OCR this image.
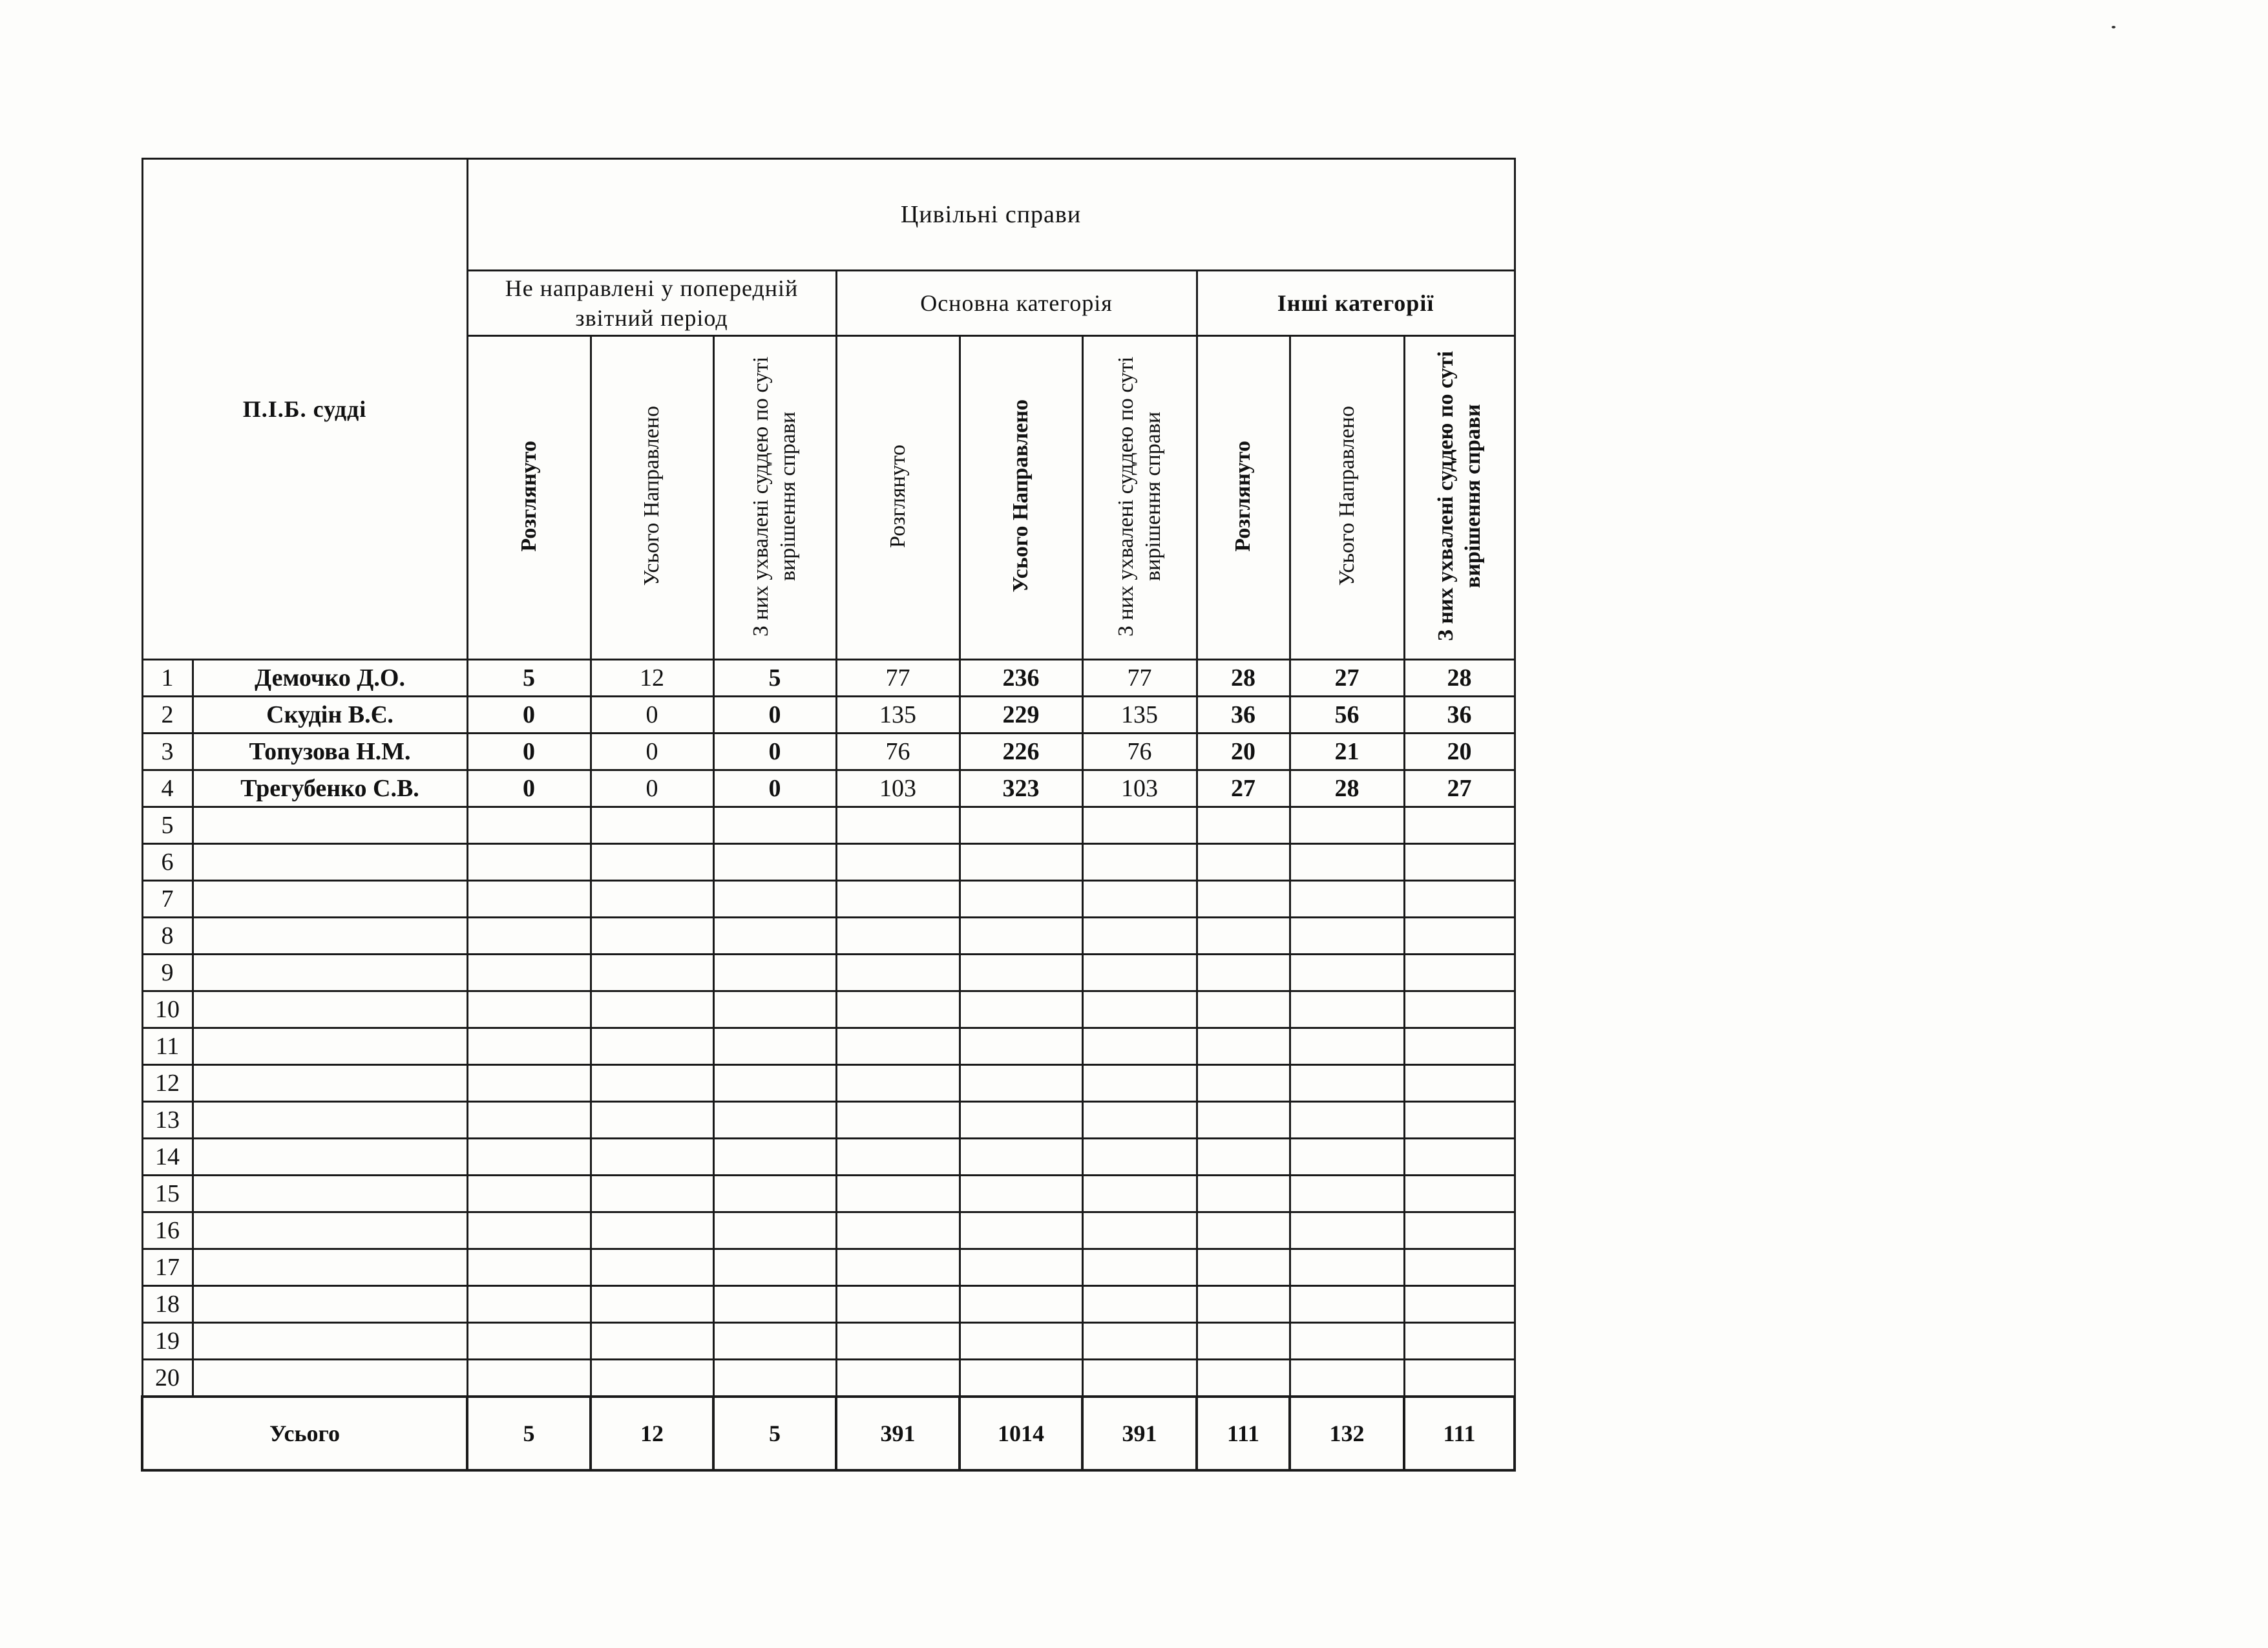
П.І.Б. судді		Цивільні справи								
		Не направлені у попередній звітний період			Основна категорія			Інші категорії		
		Розглянуто	Усього Направлено	З них ухвалені суддею по суті вирішення справи	Розглянуто	Усього Направлено	З них ухвалені суддею по суті вирішення справи	Розглянуто	Усього Направлено	З них ухвалені суддею по суті вирішення справи
1	Демочко Д.О.	5	12	5	77	236	77	28	27	28
2	Скудін В.Є.	0	0	0	135	229	135	36	56	36
3	Топузова Н.М.	0	0	0	76	226	76	20	21	20
4	Трегубенко С.В.	0	0	0	103	323	103	27	28	27
5										
6										
7										
8										
9										
10										
11										
12										
13										
14										
15										
16										
17										
18										
19										
20										
Усього		5	12	5	391	1014	391	111	132	111
